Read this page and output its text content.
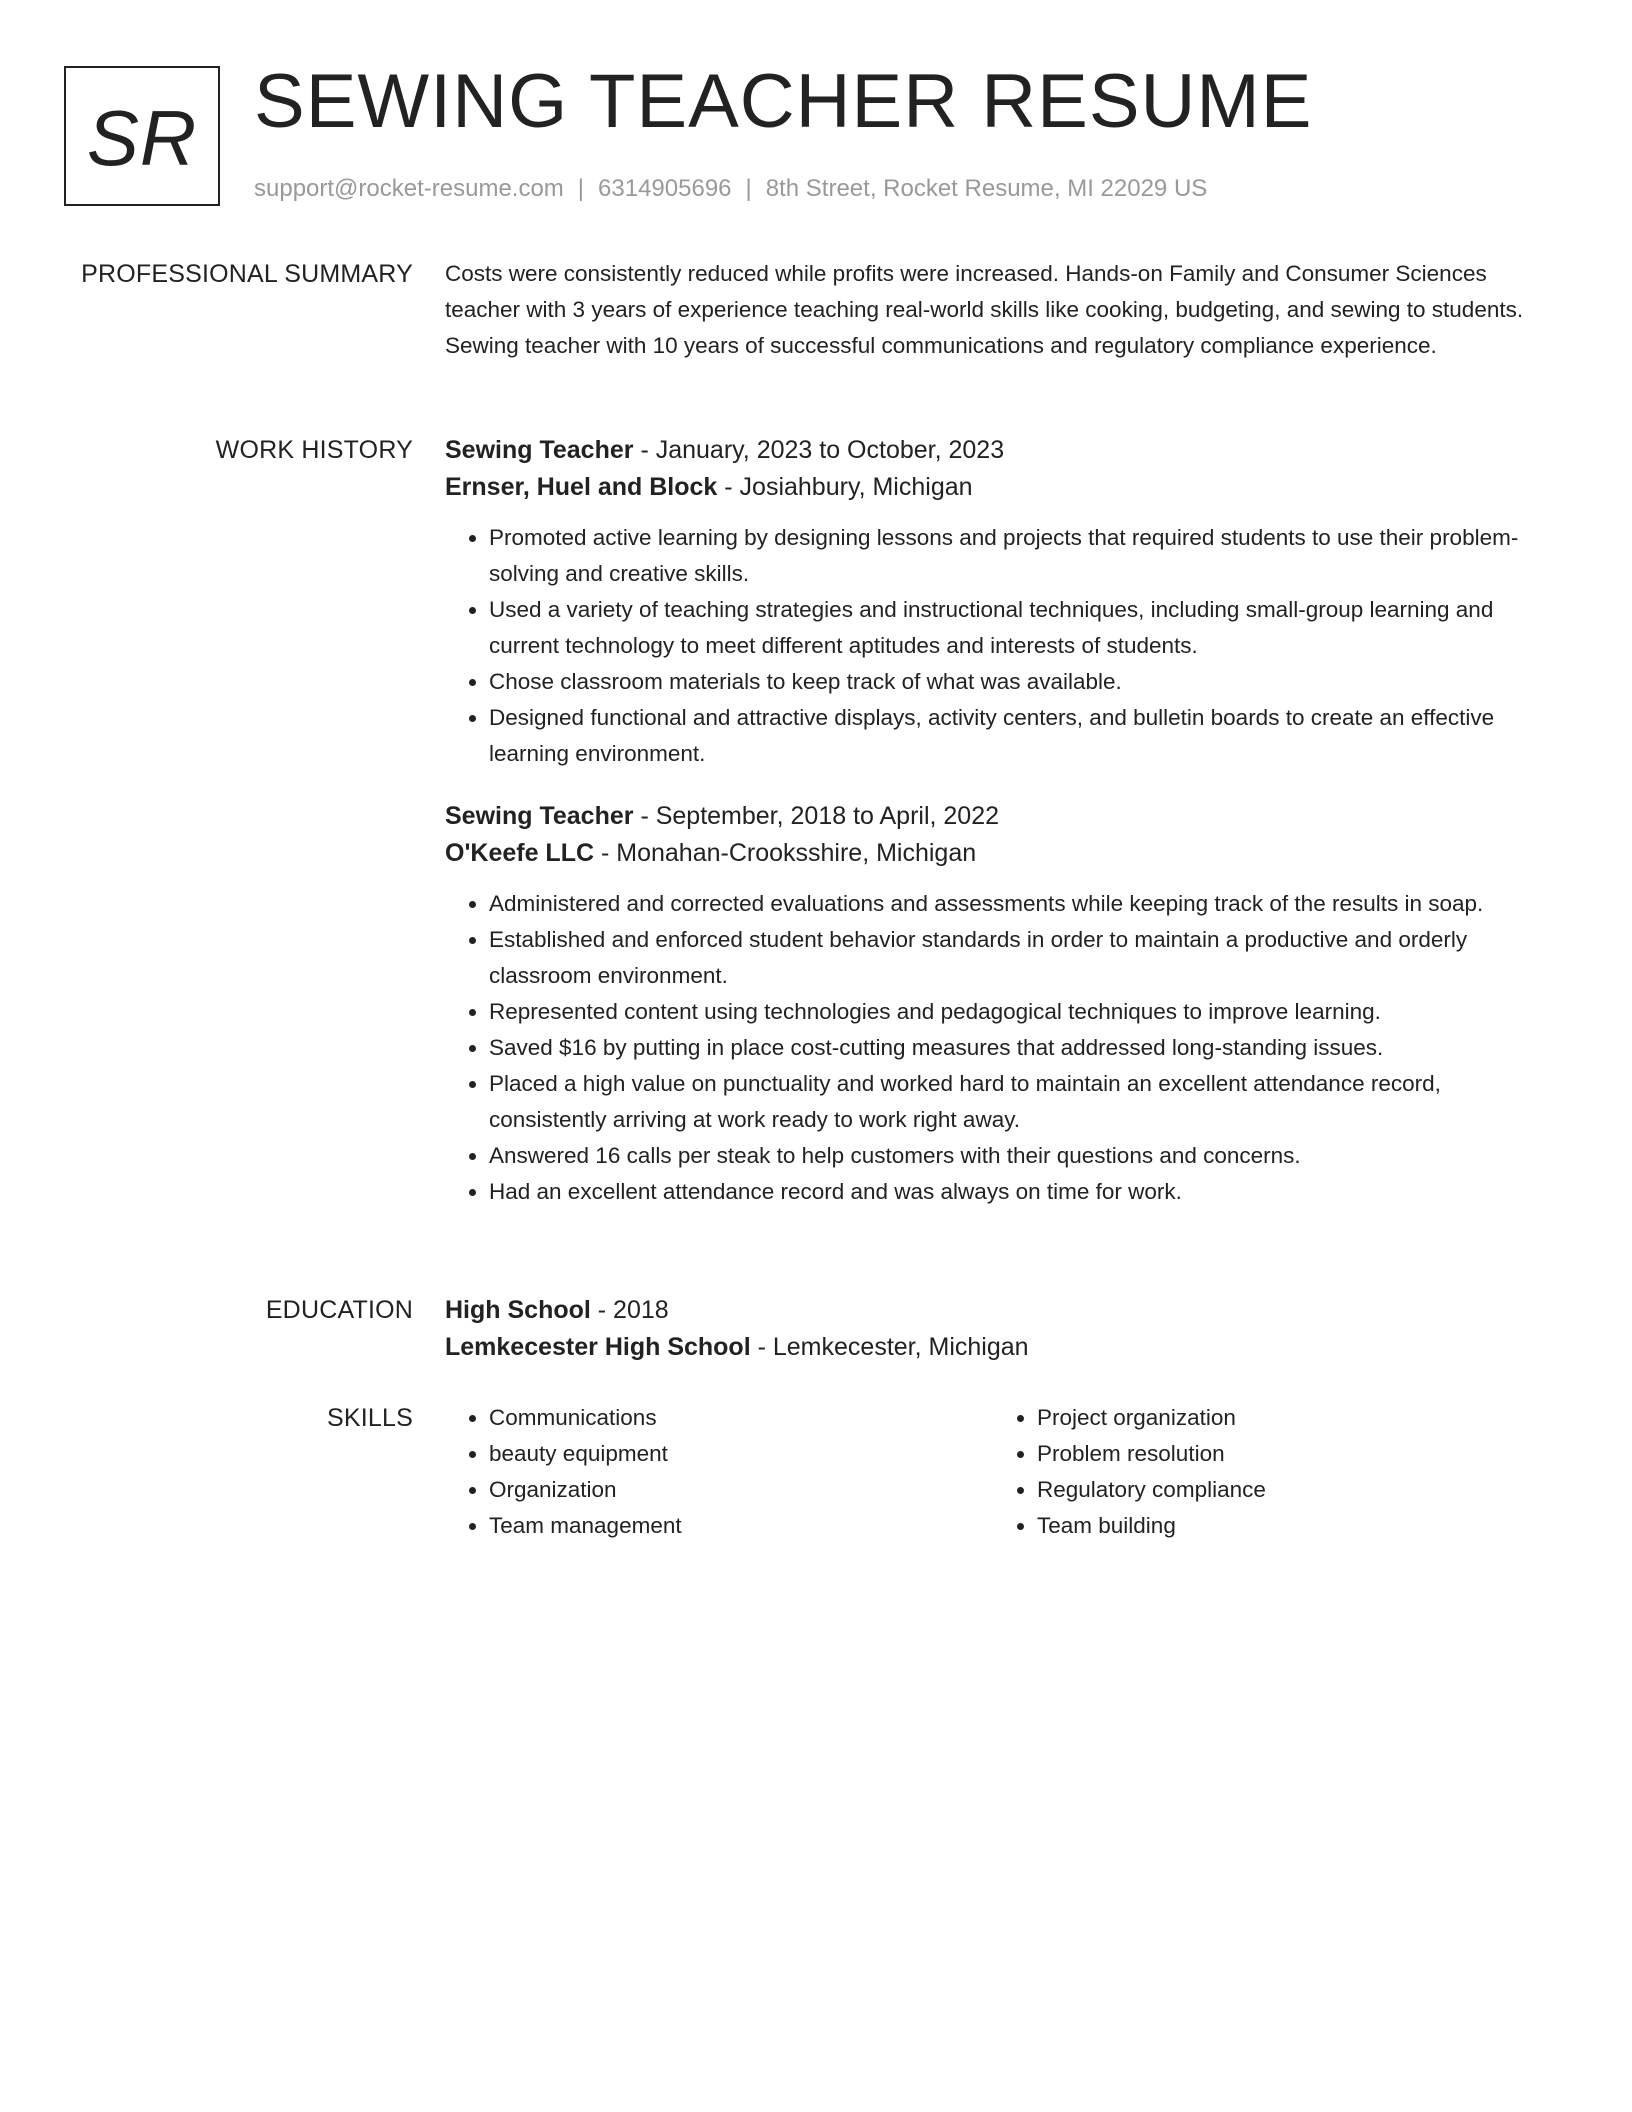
SR SEWING TEACHER RESUME
support@rocket-resume.com | 6314905696 | 8th Street, Rocket Resume, MI 22029 US
PROFESSIONAL SUMMARY Costs were consistently reduced while profits were increased. Hands-on Family and Consumer Sciences teacher with 3 years of experience teaching real-world skills like cooking, budgeting, and sewing to students. Sewing teacher with 10 years of successful communications and regulatory compliance experience.

WORK HISTORY Sewing Teacher - January, 2023 to October, 2023
Ernser, Huel and Block - Josiahbury, Michigan
• Promoted active learning by designing lessons and projects that required students to use their problem-solving and creative skills.
• Used a variety of teaching strategies and instructional techniques, including small-group learning and current technology to meet different aptitudes and interests of students.
• Chose classroom materials to keep track of what was available.
• Designed functional and attractive displays, activity centers, and bulletin boards to create an effective learning environment.
Sewing Teacher - September, 2018 to April, 2022
O'Keefe LLC - Monahan-Crooksshire, Michigan
• Administered and corrected evaluations and assessments while keeping track of the results in soap.
• Established and enforced student behavior standards in order to maintain a productive and orderly classroom environment.
• Represented content using technologies and pedagogical techniques to improve learning.
• Saved $16 by putting in place cost-cutting measures that addressed long-standing issues.
• Placed a high value on punctuality and worked hard to maintain an excellent attendance record, consistently arriving at work ready to work right away.
• Answered 16 calls per steak to help customers with their questions and concerns.
• Had an excellent attendance record and was always on time for work.
EDUCATION High School - 2018
Lemkecester High School - Lemkecester, Michigan
SKILLS
•	Communications
• beauty equipment
• Organization
• Team management
• Project organization
• Problem resolution
• Regulatory compliance
• Team building
